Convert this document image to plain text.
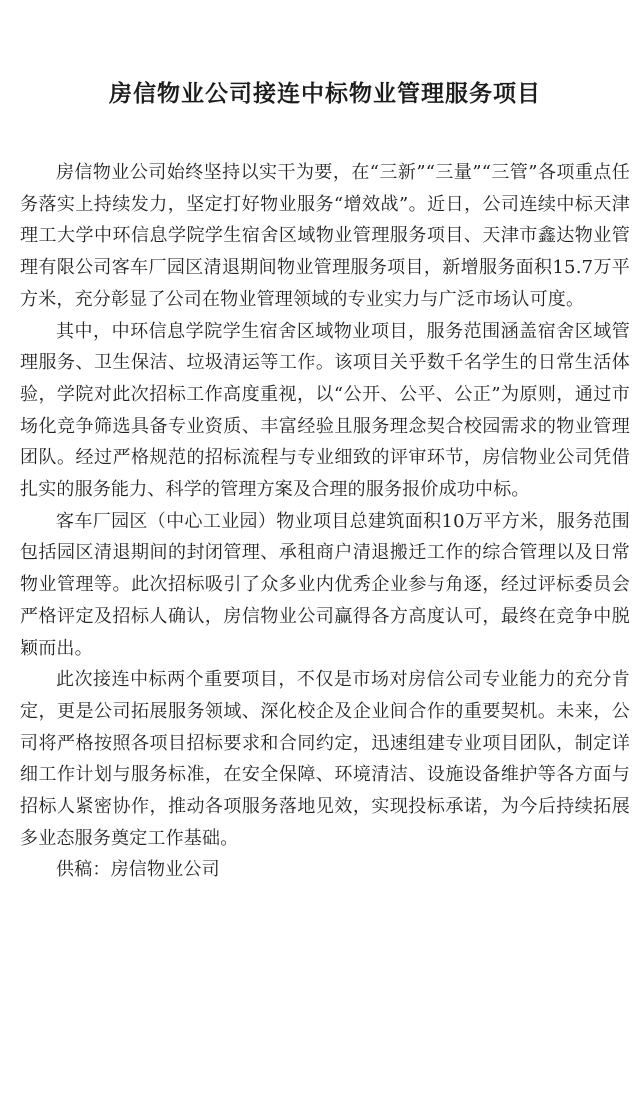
房信物业公司接连中标物业管理服务项目

房信物业公司始终坚持以实干为要，在“三新”“三量”“三管”各项重点任务落实上持续发力，坚定打好物业服务“增效战”。近日，公司连续中标天津理工大学中环信息学院学生宿舍区域物业管理服务项目、天津市鑫达物业管理有限公司客车厂园区清退期间物业管理服务项目，新增服务面积15.7万平方米，充分彰显了公司在物业管理领域的专业实力与广泛市场认可度。

其中，中环信息学院学生宿舍区域物业项目，服务范围涵盖宿舍区域管理服务、卫生保洁、垃圾清运等工作。该项目关乎数千名学生的日常生活体验，学院对此次招标工作高度重视，以“公开、公平、公正”为原则，通过市场化竞争筛选具备专业资质、丰富经验且服务理念契合校园需求的物业管理团队。经过严格规范的招标流程与专业细致的评审环节，房信物业公司凭借扎实的服务能力、科学的管理方案及合理的服务报价成功中标。

客车厂园区（中心工业园）物业项目总建筑面积10万平方米，服务范围包括园区清退期间的封闭管理、承租商户清退搬迁工作的综合管理以及日常物业管理等。此次招标吸引了众多业内优秀企业参与角逐，经过评标委员会严格评定及招标人确认，房信物业公司赢得各方高度认可，最终在竞争中脱颖而出。

此次接连中标两个重要项目，不仅是市场对房信公司专业能力的充分肯定，更是公司拓展服务领域、深化校企及企业间合作的重要契机。未来，公司将严格按照各项目招标要求和合同约定，迅速组建专业项目团队，制定详细工作计划与服务标准，在安全保障、环境清洁、设施设备维护等各方面与招标人紧密协作，推动各项服务落地见效，实现投标承诺，为今后持续拓展多业态服务奠定工作基础。

供稿：房信物业公司
